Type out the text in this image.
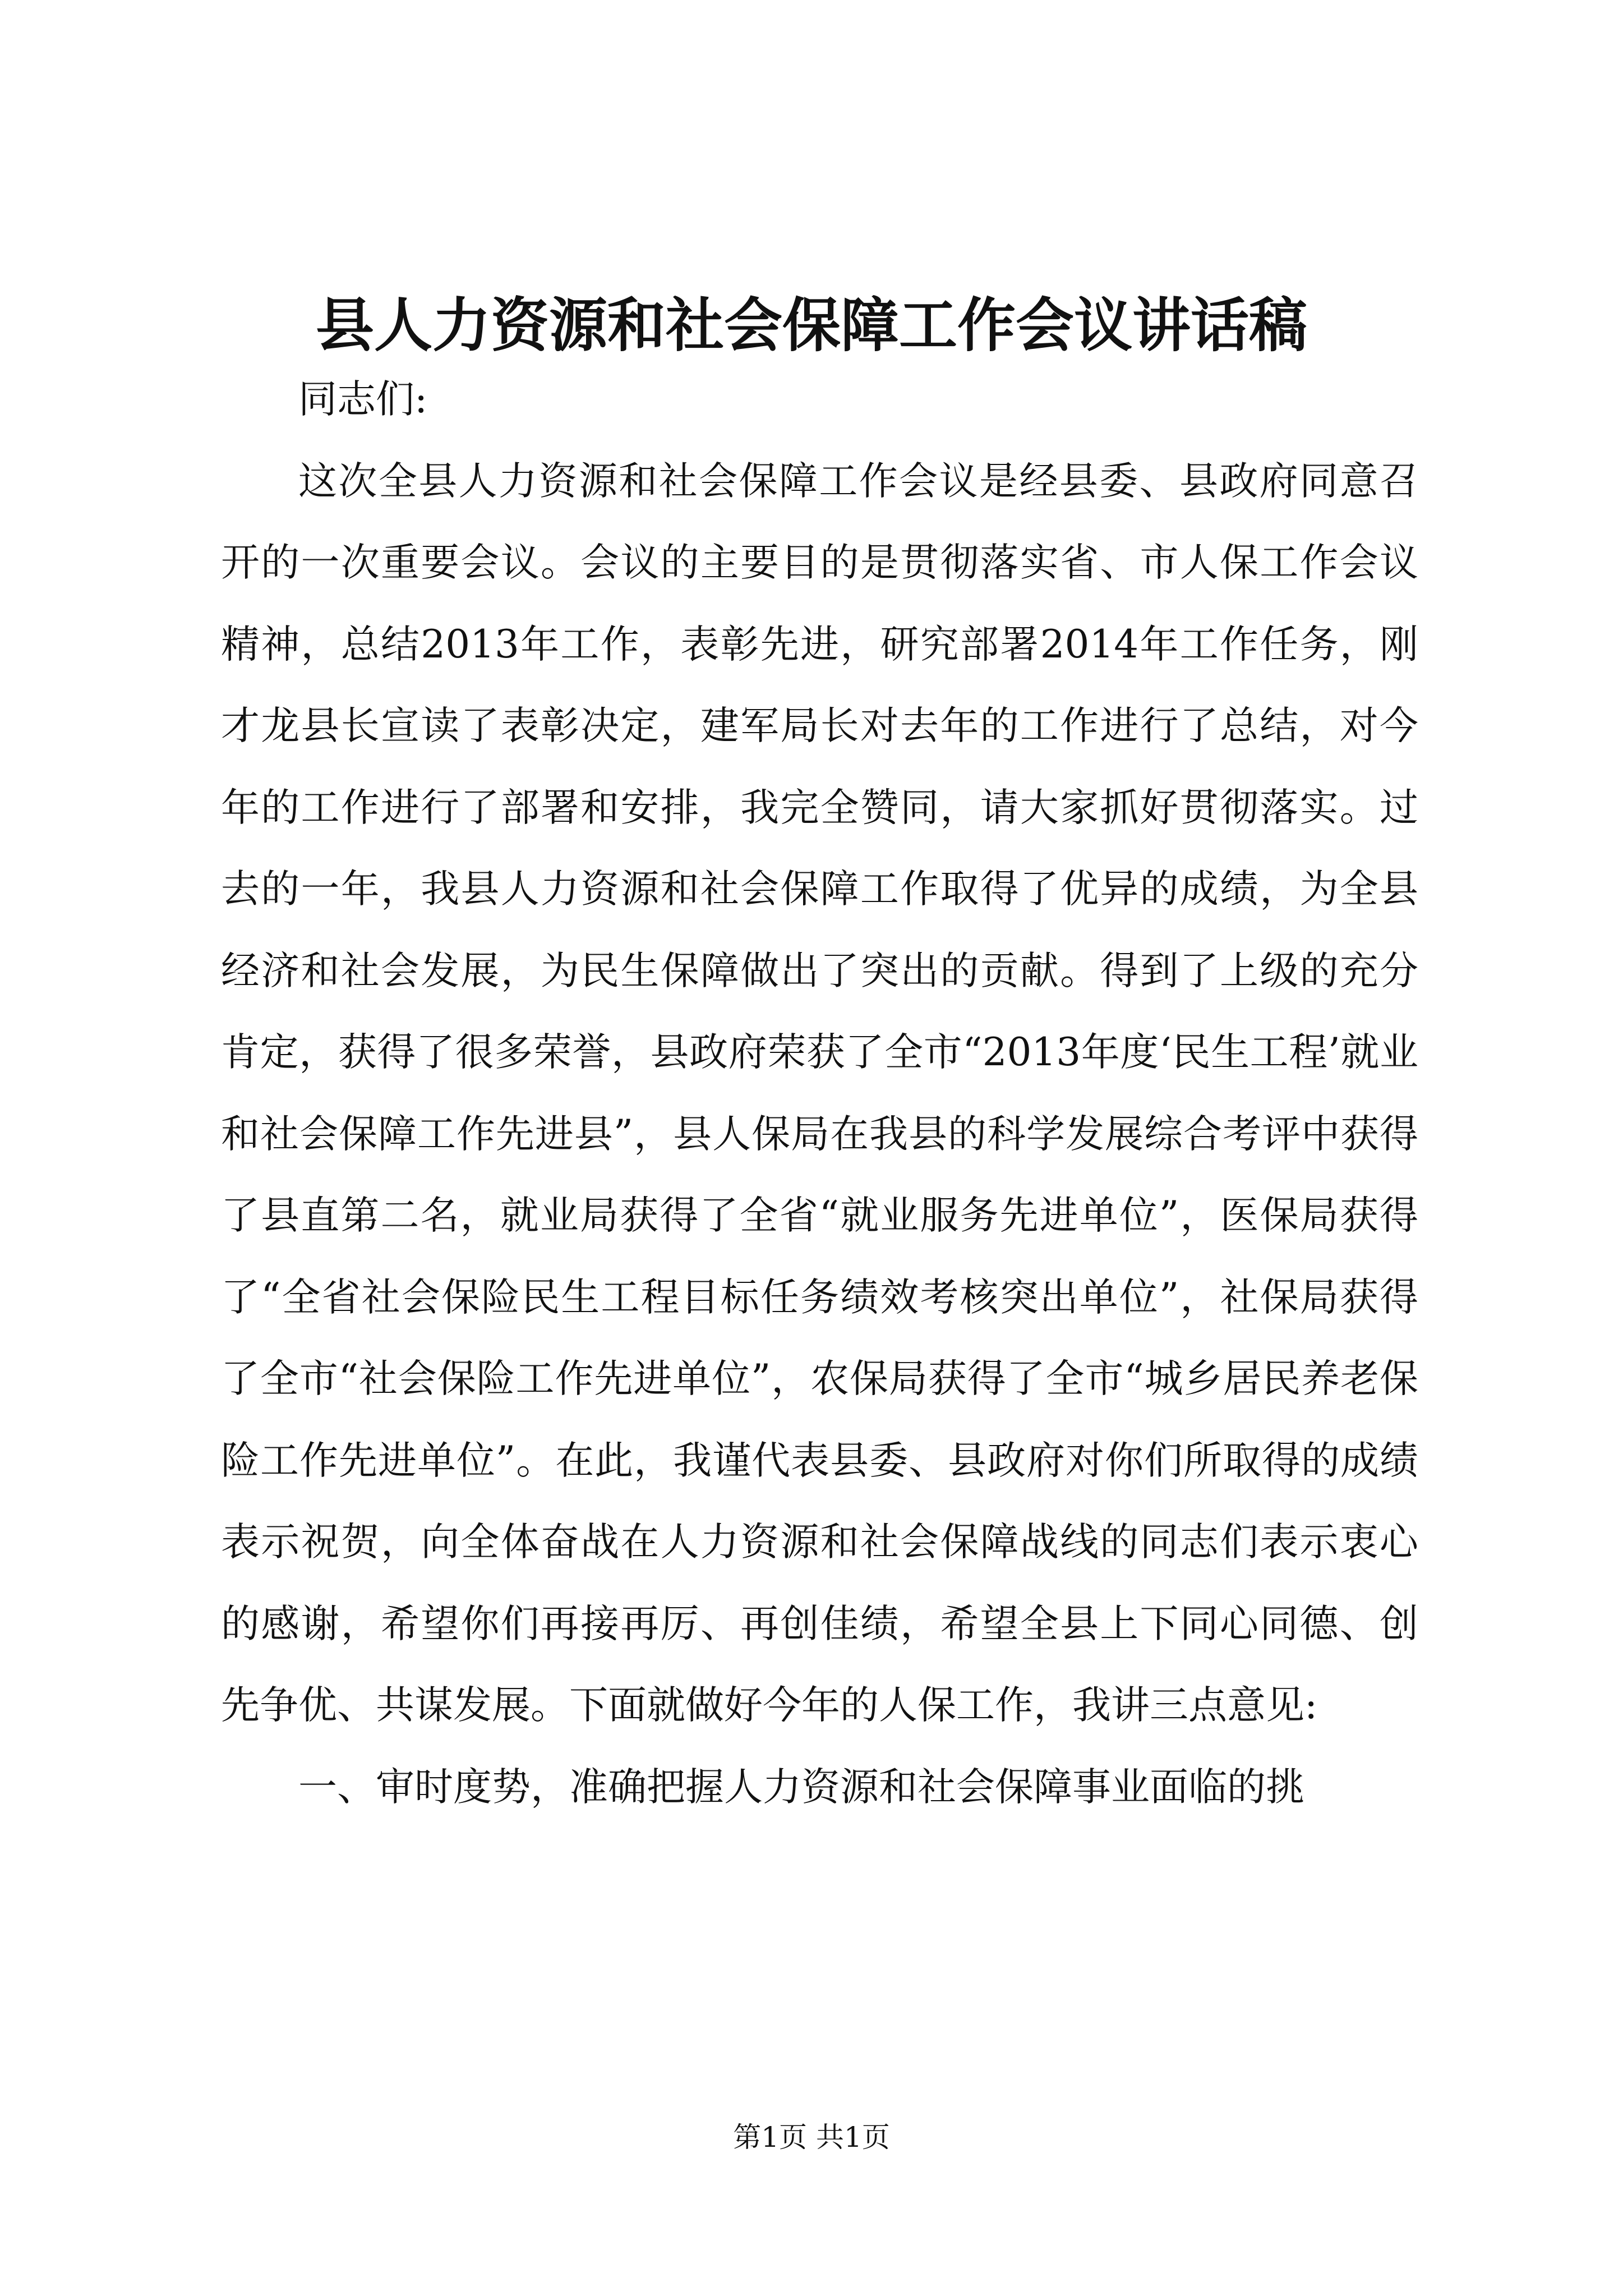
县人力资源和社会保障工作会议讲话稿

同志们:

这次全县人力资源和社会保障工作会议是经县委、县政府同意召开的一次重要会议。会议的主要目的是贯彻落实省、市人保工作会议精神，总结2013年工作，表彰先进，研究部署2014年工作任务，刚才龙县长宣读了表彰决定，建军局长对去年的工作进行了总结，对今年的工作进行了部署和安排，我完全赞同，请大家抓好贯彻落实。过去的一年，我县人力资源和社会保障工作取得了优异的成绩，为全县经济和社会发展，为民生保障做出了突出的贡献。得到了上级的充分肯定，获得了很多荣誉，县政府荣获了全市“2013年度‘民生工程’就业和社会保障工作先进县”，县人保局在我县的科学发展综合考评中获得了县直第二名，就业局获得了全省“就业服务先进单位”，医保局获得了“全省社会保险民生工程目标任务绩效考核突出单位”，社保局获得了全市“社会保险工作先进单位”，农保局获得了全市“城乡居民养老保险工作先进单位”。在此，我谨代表县委、县政府对你们所取得的成绩表示祝贺，向全体奋战在人力资源和社会保障战线的同志们表示衷心的感谢，希望你们再接再厉、再创佳绩，希望全县上下同心同德、创先争优、共谋发展。下面就做好今年的人保工作，我讲三点意见:

一、审时度势，准确把握人力资源和社会保障事业面临的挑

第1页 共1页
